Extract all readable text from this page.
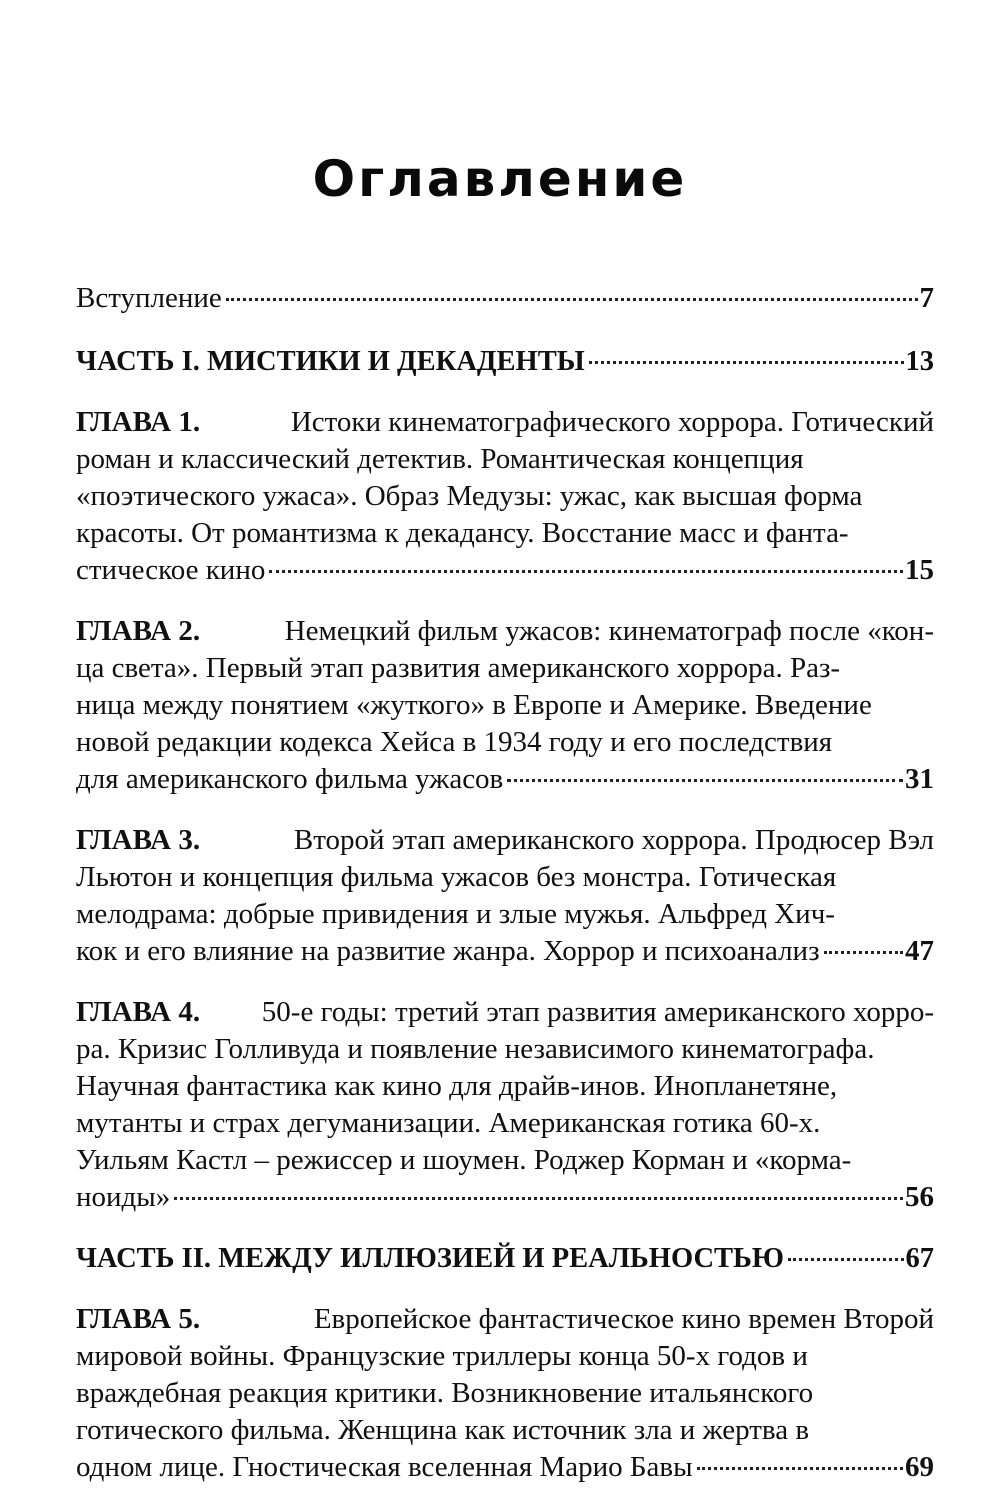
Оглавление
Вступление	7
ЧАСТЬ I. МИСТИКИ И ДЕКАДЕНТЫ	13
ГЛАВА 1.	Истоки кинематографического хоррора. Готический
роман и классический детектив. Романтическая концепция
«поэтического ужаса». Образ Медузы: ужас, как высшая форма
красоты. От романтизма к декадансу. Восстание масс и фанта-
стическое кино	15
ГЛАВА 2.	Немецкий фильм ужасов: кинематограф после «кон-
ца света». Первый этап развития американского хоррора. Раз-
ница между понятием «жуткого» в Европе и Америке. Введение
новой редакции кодекса Хейса в 1934 году и его последствия
для американского фильма ужасов	31
ГЛАВА 3.	Второй этап американского хоррора. Продюсер Вэл
Льютон и концепция фильма ужасов без монстра. Готическая
мелодрама: добрые привидения и злые мужья. Альфред Хич-
кок и его влияние на развитие жанра. Хоррор и психоанализ	47
ГЛАВА 4. 50-е годы: третий этап развития американского хорро-
ра. Кризис Голливуда и появление независимого кинематографа.
Научная фантастика как кино для драйв-инов. Инопланетяне,
мутанты и страх дегуманизации. Американская готика 60-х.
Уильям Кастл – режиссер и шоумен. Роджер Корман и «корма-
ноиды»	56
ЧАСТЬ II. МЕЖДУ ИЛЛЮЗИЕЙ И РЕАЛЬНОСТЬЮ	67
ГЛАВА 5.	Европейское фантастическое кино времен Второй
мировой войны. Французские триллеры конца 50-х годов и
враждебная реакция критики. Возникновение итальянского
готического фильма. Женщина как источник зла и жертва в
одном лице. Гностическая вселенная Марио Бавы	69
